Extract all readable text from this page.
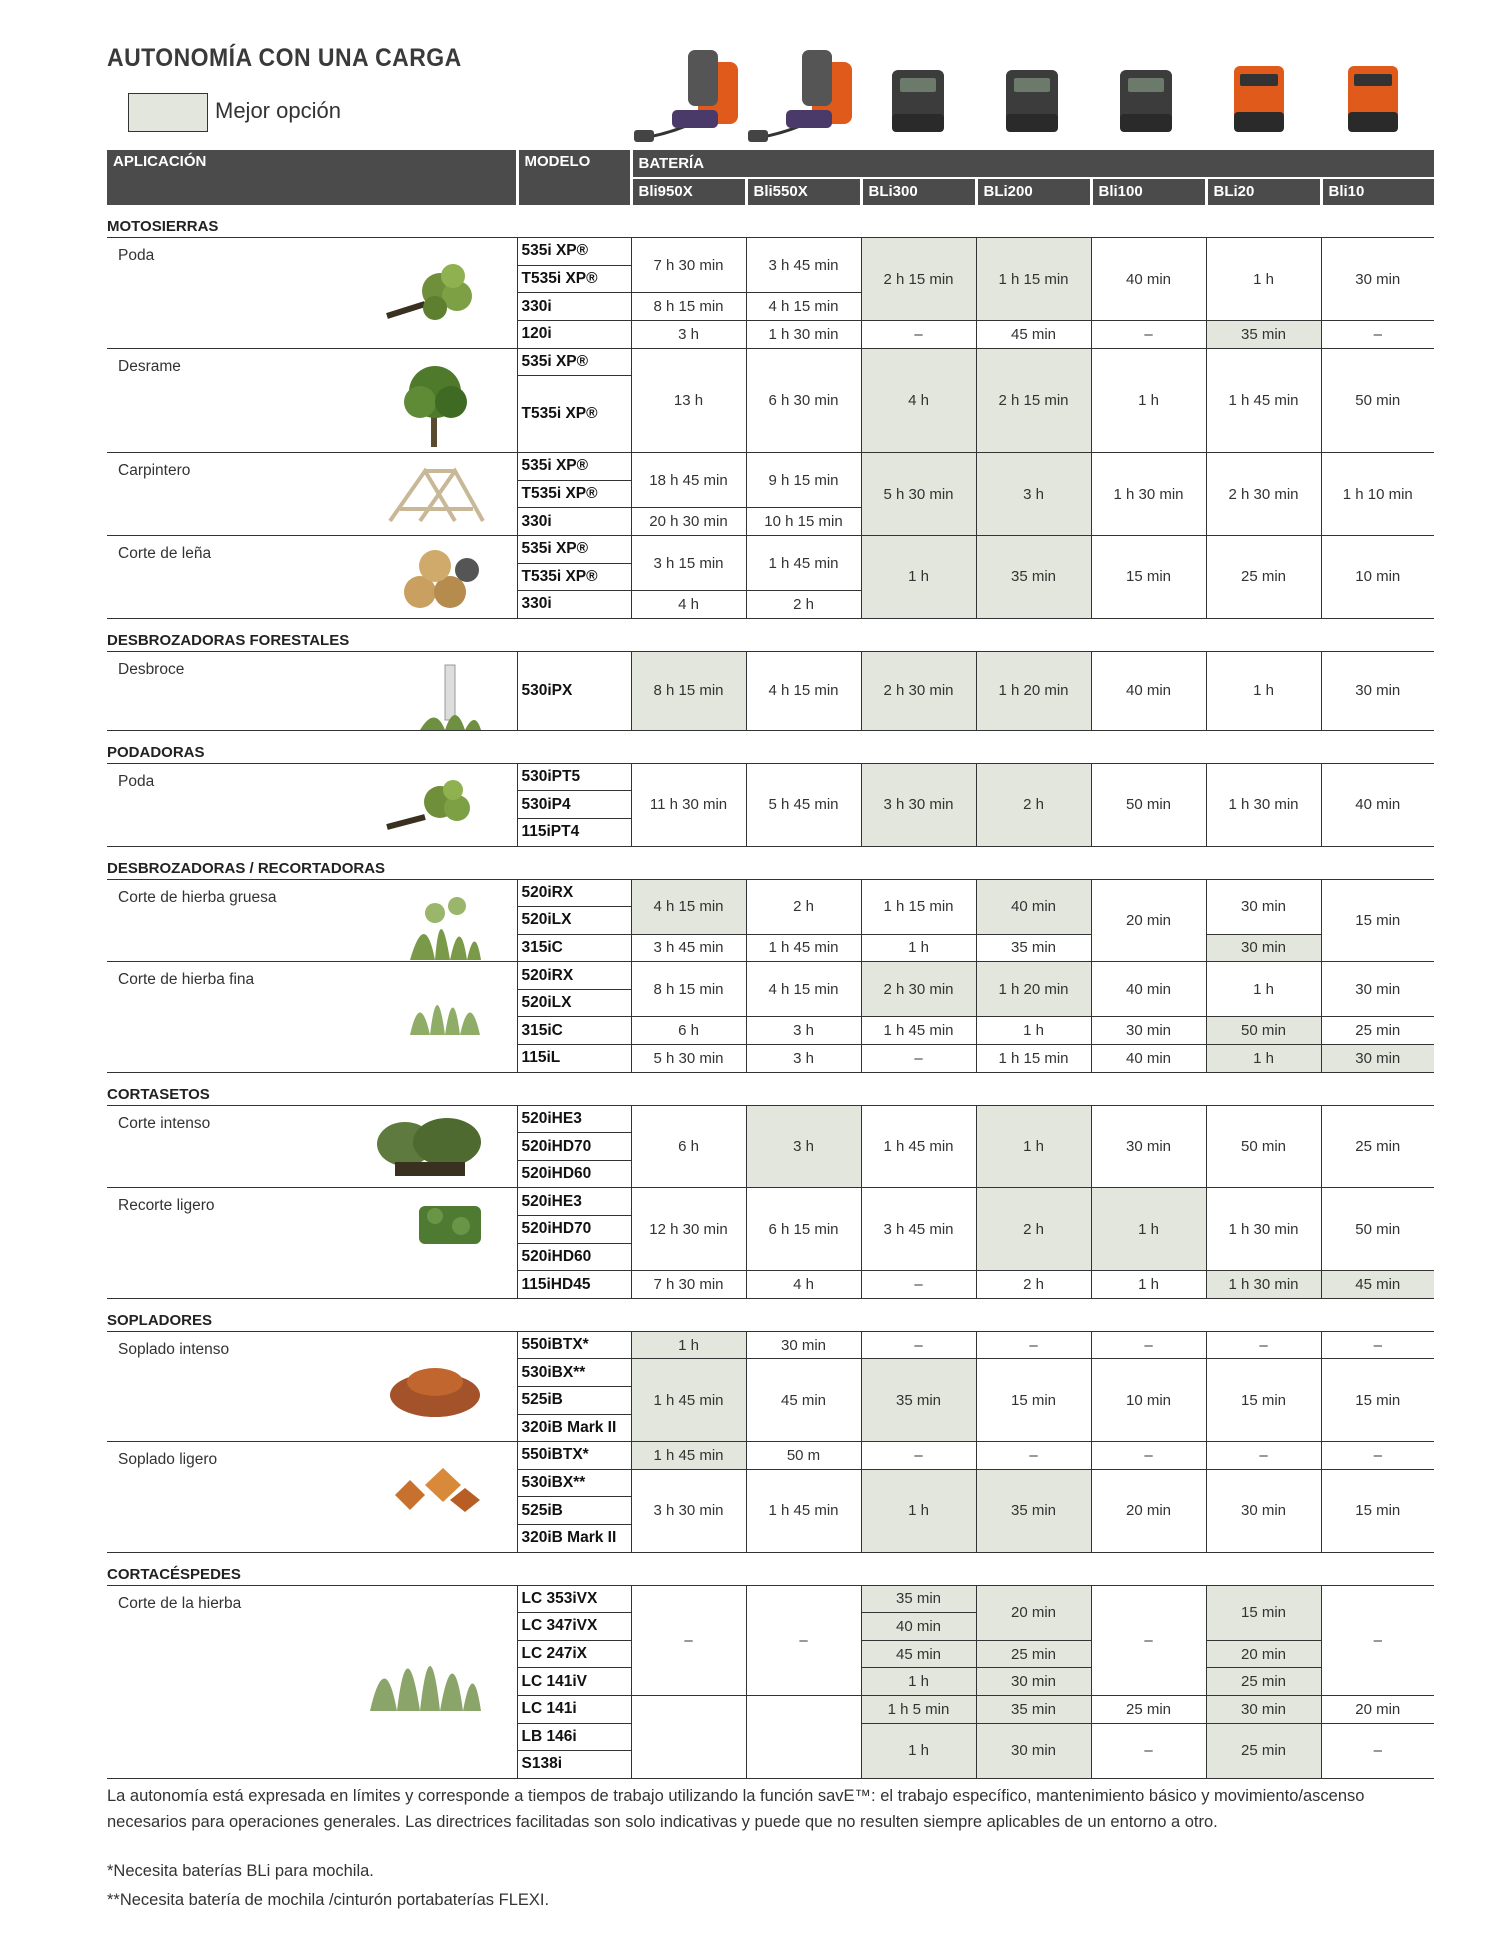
AUTONOMÍA CON UNA CARGA
Mejor opción
APLICACIÓN	MODELO	BATERÍA						
		Bli950X	Bli550X	BLi300	BLi200	Bli100	BLi20	Bli10
MOTOSIERRAS								

Poda	535i XP®	7 h 30 min	3 h 45 min	2 h 15 min	1 h 15 min	40 min	1 h	30 min
	T535i XP®							
	330i	8 h 15 min	4 h 15 min					
	120i	3 h	1 h 30 min	–	45 min	–	35 min	–

Desrame	535i XP®	13 h	6 h 30 min	4 h	2 h 15 min	1 h	1 h 45 min	50 min
	T535i XP®							

Carpintero	535i XP®	18 h 45 min	9 h 15 min	5 h 30 min	3 h	1 h 30 min	2 h 30 min	1 h 10 min
	T535i XP®							
	330i	20 h 30 min	10 h 15 min					

Corte de leña	535i XP®	3 h 15 min	1 h 45 min	1 h	35 min	15 min	25 min	10 min
	T535i XP®							
	330i	4 h	2 h					
DESBROZADORAS FORESTALES								

Desbroce	530iPX	8 h 15 min	4 h 15 min	2 h 30 min	1 h 20 min	40 min	1 h	30 min
PODADORAS								

Poda	530iPT5	11 h 30 min	5 h 45 min	3 h 30 min	2 h	50 min	1 h 30 min	40 min
	530iP4							
	115iPT4							
DESBROZADORAS / RECORTADORAS								

Corte de hierba gruesa	520iRX	4 h 15 min	2 h	1 h 15 min	40 min	20 min	30 min	15 min
	520iLX							
	315iC	3 h 45 min	1 h 45 min	1 h	35 min		30 min	

Corte de hierba fina	520iRX	8 h 15 min	4 h 15 min	2 h 30 min	1 h 20 min	40 min	1 h	30 min
	520iLX							
	315iC	6 h	3 h	1 h 45 min	1 h	30 min	50 min	25 min
	115iL	5 h 30 min	3 h	–	1 h 15 min	40 min	1 h	30 min
CORTASETOS								

Corte intenso	520iHE3	6 h	3 h	1 h 45 min	1 h	30 min	50 min	25 min
	520iHD70							
	520iHD60							

Recorte ligero	520iHE3	12 h 30 min	6 h 15 min	3 h 45 min	2 h	1 h	1 h 30 min	50 min
	520iHD70							
	520iHD60							
	115iHD45	7 h 30 min	4 h	–	2 h	1 h	1 h 30 min	45 min
SOPLADORES								

Soplado intenso	550iBTX*	1 h	30 min	–	–	–	–	–
	530iBX**	1 h 45 min	45 min	35 min	15 min	10 min	15 min	15 min
	525iB							
	320iB Mark II							

Soplado ligero	550iBTX*	1 h 45 min	50 m	–	–	–	–	–
	530iBX**	3 h 30 min	1 h 45 min	1 h	35 min	20 min	30 min	15 min
	525iB							
	320iB Mark II							
CORTACÉSPEDES								

Corte de la hierba	LC 353iVX	–	–	35 min	20 min	–	15 min	–
	LC 347iVX			40 min				
	LC 247iX			45 min	25 min		20 min	
	LC 141iV			1 h	30 min		25 min	
	LC 141i			1 h 5 min	35 min	25 min	30 min	20 min
	LB 146i			1 h	30 min	–	25 min	–
	S138i							
La autonomía está expresada en límites y corresponde a tiempos de trabajo utilizando la función savE™: el trabajo específico, mantenimiento básico y movimiento/ascenso necesarios para operaciones generales. Las directrices facilitadas son solo indicativas y puede que no resulten siempre aplicables de un entorno a otro.
*Necesita baterías BLi para mochila.
**Necesita batería de mochila /cinturón portabaterías FLEXI.
